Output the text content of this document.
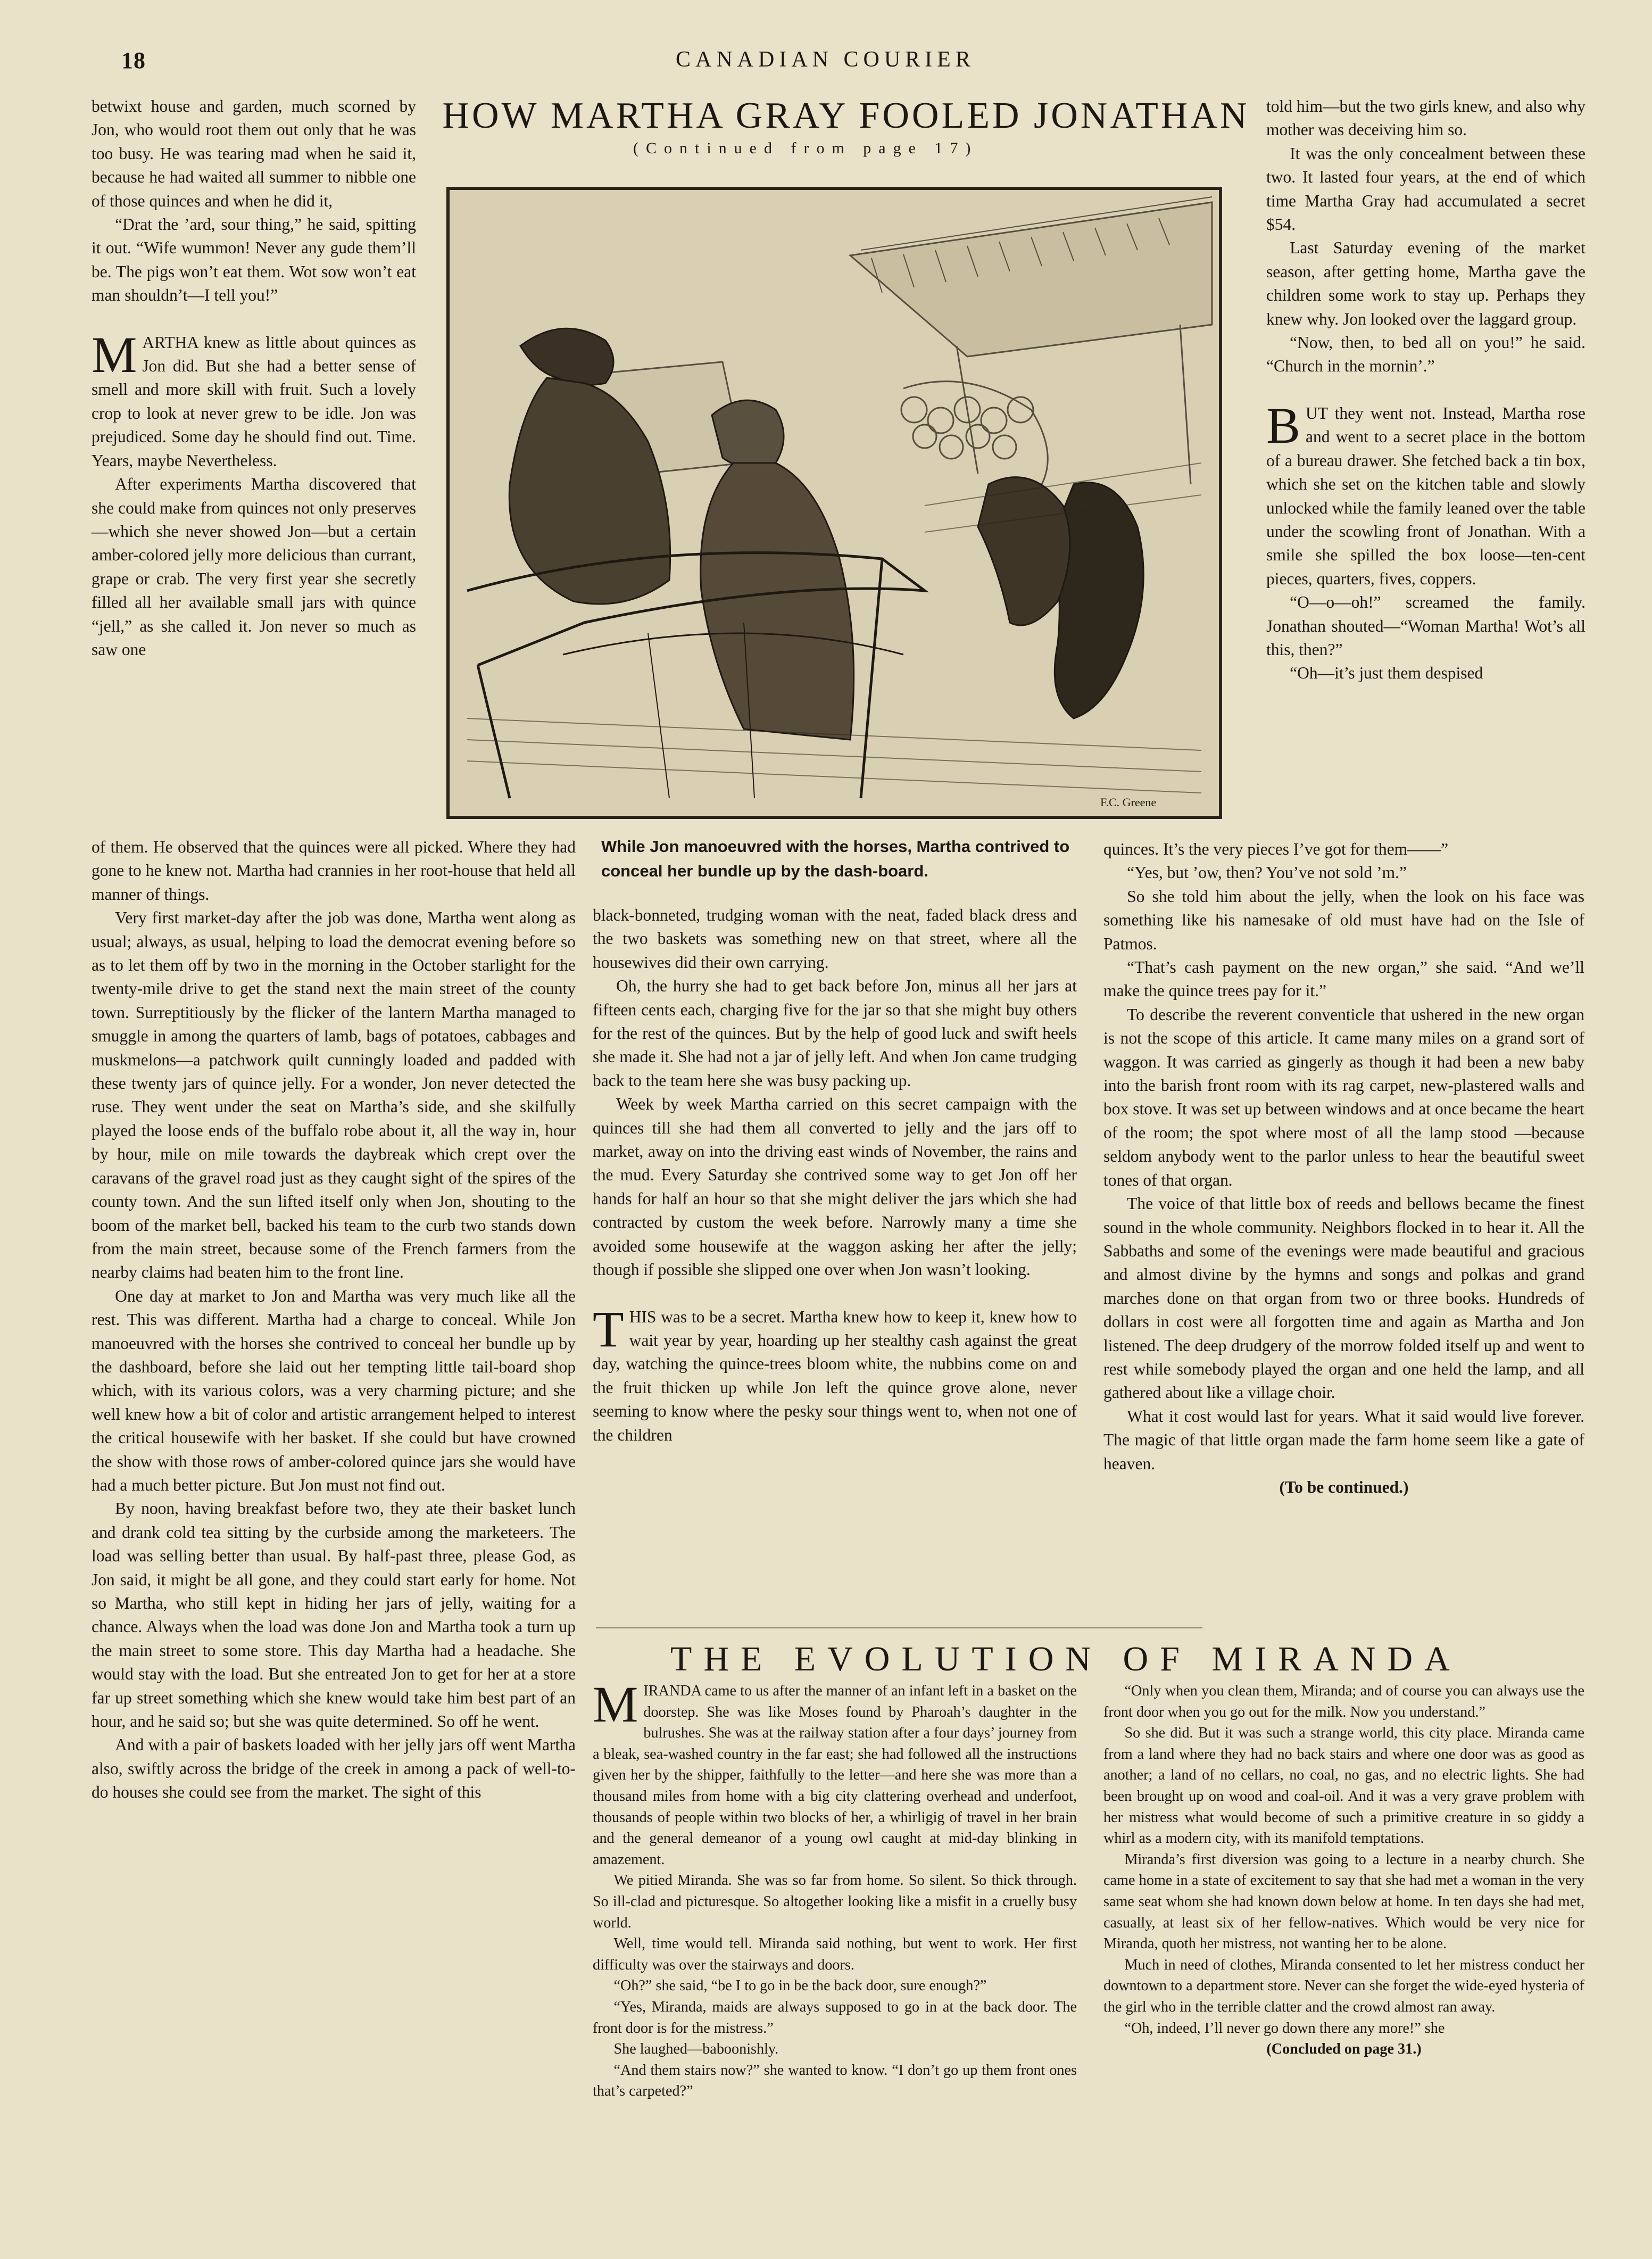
18	CANADIAN COURIER
HOW MARTHA GRAY FOOLED JONATHAN
(Continued from page 17)

betwixt house and garden, much scorned by Jon, who would root them out only that he was too busy. He was tearing mad when he said it, because he had waited all summer to nibble one of those quinces and when he did it,

“Drat the ’ard, sour thing,” he said, spitting it out. “Wife wummon! Never any gude them’ll be. The pigs won’t eat them. Wot sow won’t eat man shouldn’t—I tell you!”

MARTHA knew as little about quinces as Jon did. But she had a better sense of smell and more skill with fruit. Such a lovely crop to look at never grew to be idle. Jon was prejudiced. Some day he should find out. Time. Years, maybe Nevertheless.

After experiments Martha discovered that she could make from quinces not only preserves—which she never showed Jon—but a certain amber-colored jelly more delicious than currant, grape or crab. The very first year she secretly filled all her available small jars with quince “jell,” as she called it. Jon never so much as saw one

of them. He observed that the quinces were all picked. Where they had gone to he knew not. Martha had crannies in her root-house that held all manner of things.

Very first market-day after the job was done, Martha went along as usual; always, as usual, helping to load the democrat evening before so as to let them off by two in the morning in the October starlight for the twenty-mile drive to get the stand next the main street of the county town. Surreptitiously by the flicker of the lantern Martha managed to smuggle in among the quarters of lamb, bags of potatoes, cabbages and muskmelons—a patchwork quilt cunningly loaded and padded with these twenty jars of quince jelly. For a wonder, Jon never detected the ruse. They went under the seat on Martha’s side, and she skilfully played the loose ends of the buffalo robe about it, all the way in, hour by hour, mile on mile towards the daybreak which crept over the caravans of the gravel road just as they caught sight of the spires of the county town. And the sun lifted itself only when Jon, shouting to the boom of the market bell, backed his team to the curb two stands down from the main street, because some of the French farmers from the nearby claims had beaten him to the front line.

One day at market to Jon and Martha was very much like all the rest. This was different. Martha had a charge to conceal. While Jon manoeuvred with the horses she contrived to conceal her bundle up by the dashboard, before she laid out her tempting little tail-board shop which, with its various colors, was a very charming picture; and she well knew how a bit of color and artistic arrangement helped to interest the critical housewife with her basket. If she could but have crowned the show with those rows of amber-colored quince jars she would have had a much better picture. But Jon must not find out.

By noon, having breakfast before two, they ate their basket lunch and drank cold tea sitting by the curbside among the marketeers. The load was selling better than usual. By half-past three, please God, as Jon said, it might be all gone, and they could start early for home. Not so Martha, who still kept in hiding her jars of jelly, waiting for a chance. Always when the load was done Jon and Martha took a turn up the main street to some store. This day Martha had a headache. She would stay with the load. But she entreated Jon to get for her at a store far up street something which she knew would take him best part of an hour, and he said so; but she was quite determined. So off he went.

And with a pair of baskets loaded with her jelly jars off went Martha also, swiftly across the bridge of the creek in among a pack of well-to-do houses she could see from the market. The sight of this

F.C. Greene
While Jon manoeuvred with the horses, Martha contrived to conceal her bundle up by the dash-board.

black-bonneted, trudging woman with the neat, faded black dress and the two baskets was something new on that street, where all the housewives did their own carrying.

Oh, the hurry she had to get back before Jon, minus all her jars at fifteen cents each, charging five for the jar so that she might buy others for the rest of the quinces. But by the help of good luck and swift heels she made it. She had not a jar of jelly left. And when Jon came trudging back to the team here she was busy packing up.

Week by week Martha carried on this secret campaign with the quinces till she had them all converted to jelly and the jars off to market, away on into the driving east winds of November, the rains and the mud. Every Saturday she contrived some way to get Jon off her hands for half an hour so that she might deliver the jars which she had contracted by custom the week before. Narrowly many a time she avoided some housewife at the waggon asking her after the jelly; though if possible she slipped one over when Jon wasn’t looking.

THIS was to be a secret. Martha knew how to keep it, knew how to wait year by year, hoarding up her stealthy cash against the great day, watching the quince-trees bloom white, the nubbins come on and the fruit thicken up while Jon left the quince grove alone, never seeming to know where the pesky sour things went to, when not one of the children

told him—but the two girls knew, and also why mother was deceiving him so.

It was the only concealment between these two. It lasted four years, at the end of which time Martha Gray had accumulated a secret $54.

Last Saturday evening of the market season, after getting home, Martha gave the children some work to stay up. Perhaps they knew why. Jon looked over the laggard group.

“Now, then, to bed all on you!” he said. “Church in the mornin’.”

BUT they went not. Instead, Martha rose and went to a secret place in the bottom of a bureau drawer. She fetched back a tin box, which she set on the kitchen table and slowly unlocked while the family leaned over the table under the scowling front of Jonathan. With a smile she spilled the box loose—ten-cent pieces, quarters, fives, coppers.

“O—o—oh!” screamed the family. Jonathan shouted—“Woman Martha! Wot’s all this, then?”

“Oh—it’s just them despised

quinces. It’s the very pieces I’ve got for them——”

“Yes, but ’ow, then? You’ve not sold ’m.”

So she told him about the jelly, when the look on his face was something like his namesake of old must have had on the Isle of Patmos.

“That’s cash payment on the new organ,” she said. “And we’ll make the quince trees pay for it.”

To describe the reverent conventicle that ushered in the new organ is not the scope of this article. It came many miles on a grand sort of waggon. It was carried as gingerly as though it had been a new baby into the barish front room with its rag carpet, new-plastered walls and box stove. It was set up between windows and at once became the heart of the room; the spot where most of all the lamp stood —because seldom anybody went to the parlor unless to hear the beautiful sweet tones of that organ.

The voice of that little box of reeds and bellows became the finest sound in the whole community. Neighbors flocked in to hear it. All the Sabbaths and some of the evenings were made beautiful and gracious and almost divine by the hymns and songs and polkas and grand marches done on that organ from two or three books. Hundreds of dollars in cost were all forgotten time and again as Martha and Jon listened. The deep drudgery of the morrow folded itself up and went to rest while somebody played the organ and one held the lamp, and all gathered about like a village choir.

What it cost would last for years. What it said would live forever. The magic of that little organ made the farm home seem like a gate of heaven.

(To be continued.)

THE EVOLUTION OF MIRANDA

MIRANDA came to us after the manner of an infant left in a basket on the doorstep. She was like Moses found by Pharoah’s daughter in the bulrushes. She was at the railway station after a four days’ journey from a bleak, sea-washed country in the far east; she had followed all the instructions given her by the shipper, faithfully to the letter—and here she was more than a thousand miles from home with a big city clattering overhead and underfoot, thousands of people within two blocks of her, a whirligig of travel in her brain and the general demeanor of a young owl caught at mid-day blinking in amazement.

We pitied Miranda. She was so far from home. So silent. So thick through. So ill-clad and picturesque. So altogether looking like a misfit in a cruelly busy world.

Well, time would tell. Miranda said nothing, but went to work. Her first difficulty was over the stairways and doors.

“Oh?” she said, “be I to go in be the back door, sure enough?”

“Yes, Miranda, maids are always supposed to go in at the back door. The front door is for the mistress.”

She laughed—baboonishly.

“And them stairs now?” she wanted to know. “I don’t go up them front ones that’s carpeted?”

“Only when you clean them, Miranda; and of course you can always use the front door when you go out for the milk. Now you understand.”

So she did. But it was such a strange world, this city place. Miranda came from a land where they had no back stairs and where one door was as good as another; a land of no cellars, no coal, no gas, and no electric lights. She had been brought up on wood and coal-oil. And it was a very grave problem with her mistress what would become of such a primitive creature in so giddy a whirl as a modern city, with its manifold temptations.

Miranda’s first diversion was going to a lecture in a nearby church. She came home in a state of excitement to say that she had met a woman in the very same seat whom she had known down below at home. In ten days she had met, casually, at least six of her fellow-natives. Which would be very nice for Miranda, quoth her mistress, not wanting her to be alone.

Much in need of clothes, Miranda consented to let her mistress conduct her downtown to a department store. Never can she forget the wide-eyed hysteria of the girl who in the terrible clatter and the crowd almost ran away.

“Oh, indeed, I’ll never go down there any more!” she

(Concluded on page 31.)
